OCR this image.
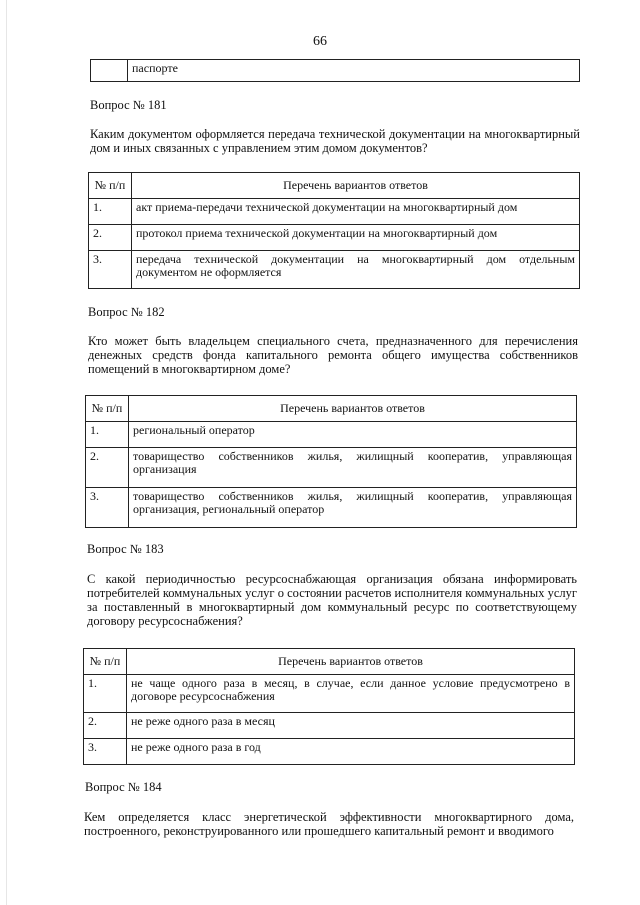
66
	паспорте
Вопрос № 181
Каким документом оформляется передача технической документации на многоквартирный дом и иных связанных с управлением этим домом документов?
№ п/п	Перечень вариантов ответов
1.	акт приема-передачи технической документации на многоквартирный дом
2.	протокол приема технической документации на многоквартирный дом
3.	передача технической документации на многоквартирный дом отдельным документом не оформляется
Вопрос № 182
Кто может быть владельцем специального счета, предназначенного для перечисления денежных средств фонда капитального ремонта общего имущества собственников помещений в многоквартирном доме?
№ п/п	Перечень вариантов ответов
1.	региональный оператор
2.	товарищество собственников жилья, жилищный кооператив, управляющая организация
3.	товарищество собственников жилья, жилищный кооператив, управляющая организация, региональный оператор
Вопрос № 183
С какой периодичностью ресурсоснабжающая организация обязана информировать потребителей коммунальных услуг о состоянии расчетов исполнителя коммунальных услуг за поставленный в многоквартирный дом коммунальный ресурс по соответствующему договору ресурсоснабжения?
№ п/п	Перечень вариантов ответов
1.	не чаще одного раза в месяц, в случае, если данное условие предусмотрено в договоре ресурсоснабжения
2.	не реже одного раза в месяц
3.	не реже одного раза в год
Вопрос № 184
Кем определяется класс энергетической эффективности многоквартирного дома, построенного, реконструированного или прошедшего капитальный ремонт и вводимого
